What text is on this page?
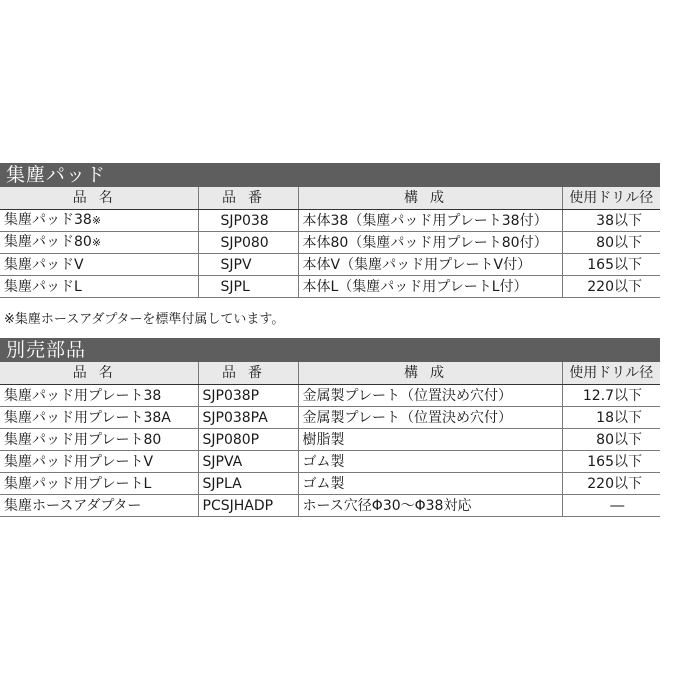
集塵パッド
品名	品番	構成	使用ドリル径
集塵パッド38※	SJP038	本体38（集塵パッド用プレート38付）	38以下
集塵パッド80※	SJP080	本体80（集塵パッド用プレート80付）	80以下
集塵パッドV	SJPV	本体V（集塵パッド用プレートV付）	165以下
集塵パッドL	SJPL	本体L（集塵パッド用プレートL付）	220以下
※集塵ホースアダプターを標準付属しています。
別売部品
品名	品番	構成	使用ドリル径
集塵パッド用プレート38	SJP038P	金属製プレート（位置決め穴付）	12.7以下
集塵パッド用プレート38A	SJP038PA	金属製プレート（位置決め穴付）	18以下
集塵パッド用プレート80	SJP080P	樹脂製	80以下
集塵パッド用プレートV	SJPVA	ゴム製	165以下
集塵パッド用プレートL	SJPLA	ゴム製	220以下
集塵ホースアダプター	PCSJHADP	ホース穴径Φ30～Φ38対応	―
